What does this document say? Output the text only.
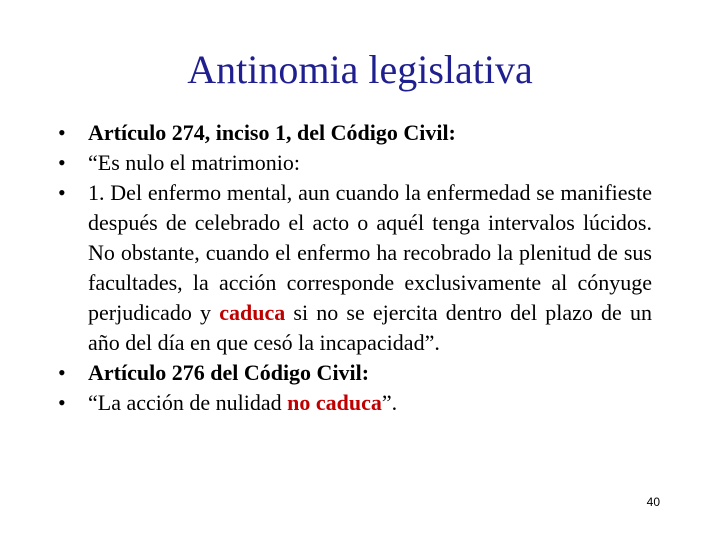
Antinomia legislativa
•	Artículo 274, inciso 1, del Código Civil:
•	“Es nulo el matrimonio:
•	1. Del enfermo mental, aun cuando la enfermedad se manifieste después de celebrado el acto o aquél tenga intervalos lúcidos. No obstante, cuando el enfermo ha recobrado la plenitud de sus facultades, la acción corresponde exclusivamente al cónyuge perjudicado y caduca si no se ejercita dentro del plazo de un año del día en que cesó la incapacidad”.
•	Artículo 276 del Código Civil:
•	“La acción de nulidad no caduca”.
40
